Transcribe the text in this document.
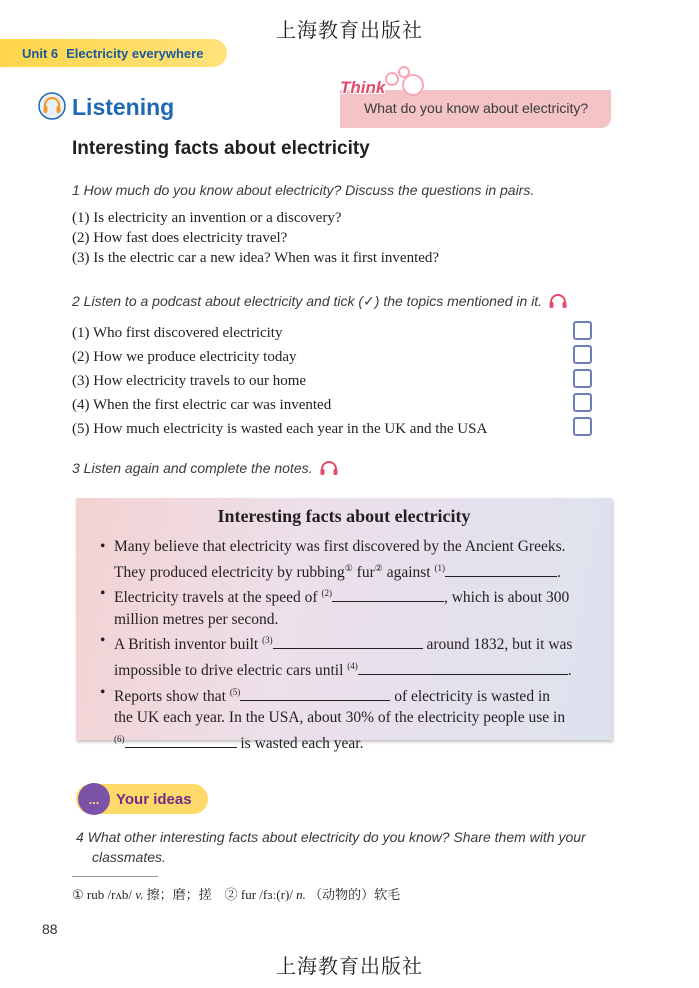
上海教育出版社
Unit 6 Electricity everywhere
Think
What do you know about electricity?
Listening
Interesting facts about electricity
1 How much do you know about electricity? Discuss the questions in pairs.
(1) Is electricity an invention or a discovery?
(2) How fast does electricity travel?
(3) Is the electric car a new idea? When was it first invented?
2 Listen to a podcast about electricity and tick (✓) the topics mentioned in it.
(1) Who first discovered electricity
(2) How we produce electricity today
(3) How electricity travels to our home
(4) When the first electric car was invented
(5) How much electricity is wasted each year in the UK and the USA
3 Listen again and complete the notes.
Interesting facts about electricity
• Many believe that electricity was first discovered by the Ancient Greeks.
They produced electricity by rubbing① fur② against $^{(1)}$	.
• Electricity travels at the speed of $^{(2)}$	, which is about 300
million metres per second.
• A British inventor built $^{(3)}$	around 1832, but it was
impossible to drive electric cars until $^{(4)}$	.
• Reports show that $^{(5)}$	of electricity is wasted in
the UK each year. In the USA, about 30% of the electricity people use in
$^{(6)}$	is wasted each year.
...	Your ideas
4 What other interesting facts about electricity do you know? Share them with your
classmates.
① rub /rʌb/ v. 擦；磨；搓 ② fur /fɜː(r)/ n. （动物的）软毛
88
上海教育出版社
